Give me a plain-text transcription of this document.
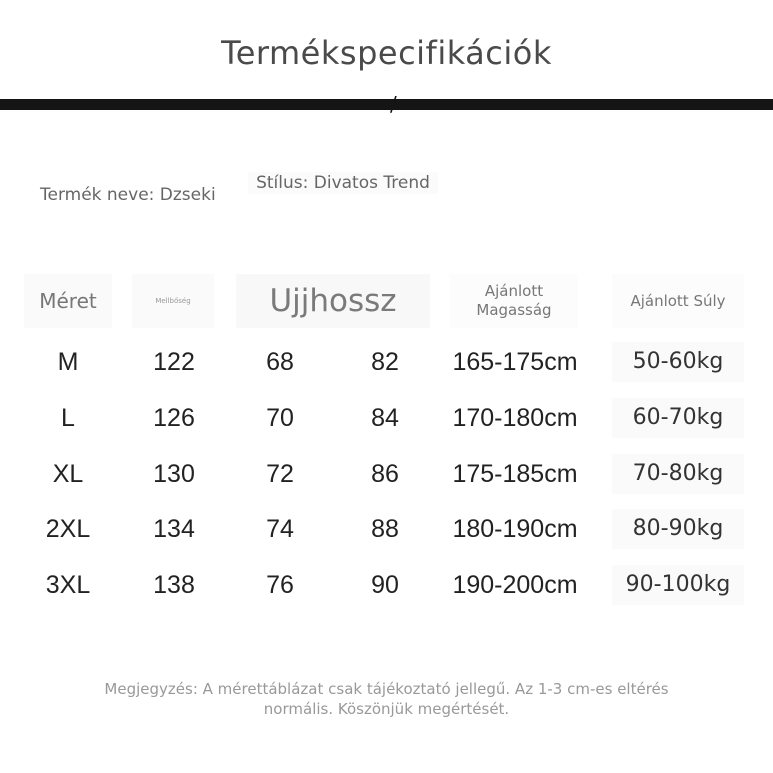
Termékspecifikációk
/
Termék neve: Dzseki
Stílus: Divatos Trend
Méret	Mellbőség	Ujjhossz	Ajánlott Magasság	Ajánlott Súly
M	122	68	82	165-175cm	50-60kg
L	126	70	84	170-180cm	60-70kg
XL	130	72	86	175-185cm	70-80kg
2XL	134	74	88	180-190cm	80-90kg
3XL	138	76	90	190-200cm	90-100kg
Megjegyzés: A mérettáblázat csak tájékoztató jellegű. Az 1-3 cm-es eltérés normális. Köszönjük megértését.
